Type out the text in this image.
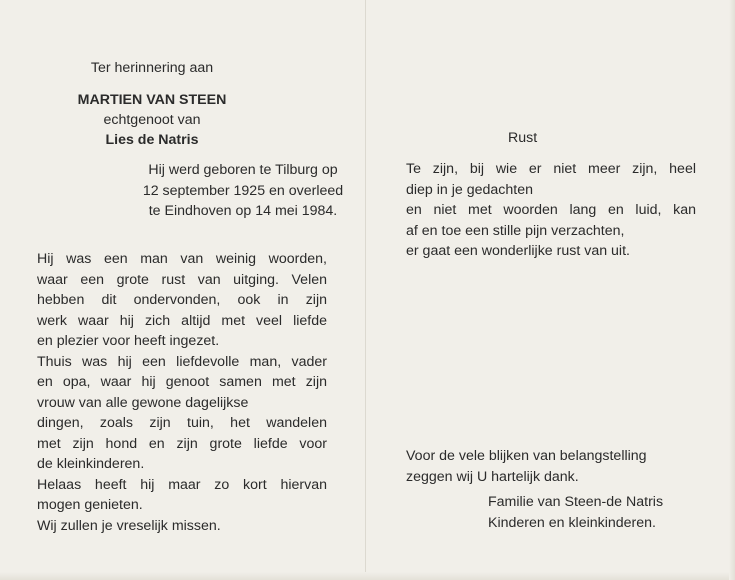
Ter herinnering aan
MARTIEN VAN STEEN
echtgenoot van
Lies de Natris
Hij werd geboren te Tilburg op
12 september 1925 en overleed
te Eindhoven op 14 mei 1984.
Hij was een man van weinig woorden,
waar een grote rust van uitging. Velen
hebben dit ondervonden, ook in zijn
werk waar hij zich altijd met veel liefde
en plezier voor heeft ingezet.
Thuis was hij een liefdevolle man, vader
en opa, waar hij genoot samen met zijn
vrouw van alle gewone dagelijkse
dingen, zoals zijn tuin, het wandelen
met zijn hond en zijn grote liefde voor
de kleinkinderen.
Helaas heeft hij maar zo kort hiervan
mogen genieten.
Wij zullen je vreselijk missen.
Rust
Te zijn, bij wie er niet meer zijn, heel
diep in je gedachten
en niet met woorden lang en luid, kan
af en toe een stille pijn verzachten,
er gaat een wonderlijke rust van uit.
Voor de vele blijken van belangstelling
zeggen wij U hartelijk dank.
Familie van Steen-de Natris
Kinderen en kleinkinderen.
